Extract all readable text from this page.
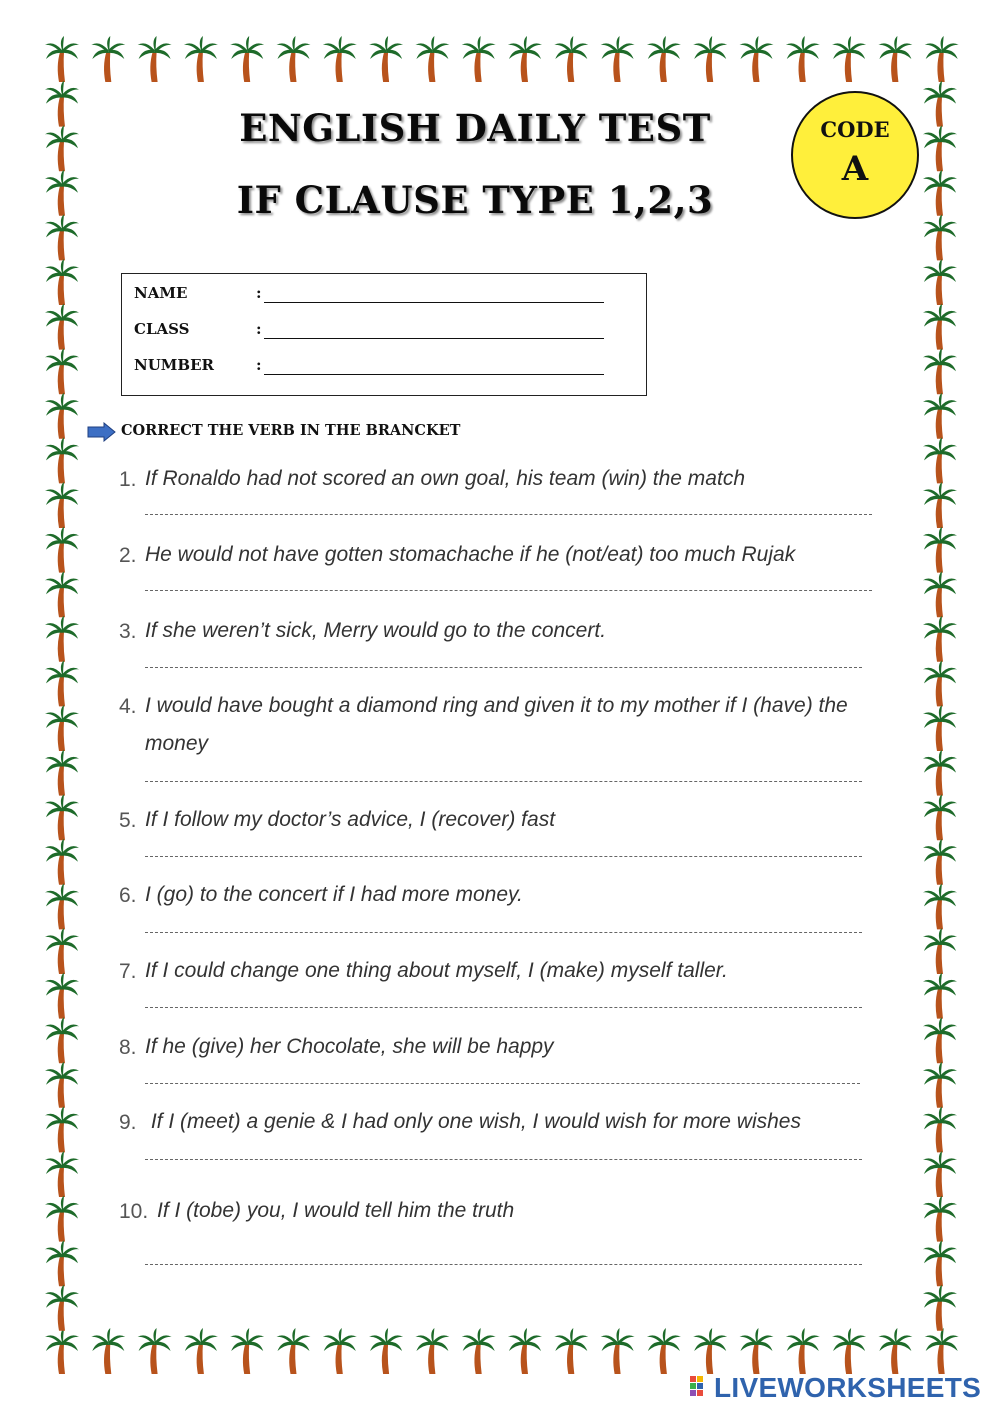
ENGLISH DAILY TEST
IF CLAUSE TYPE 1,2,3
CODE
A
NAME	:
CLASS	:
NUMBER	:
CORRECT THE VERB IN THE BRANCKET
1. If Ronaldo had not scored an own goal, his team (win) the match
2. He would not have gotten stomachache if he (not/eat) too much Rujak
3. If she weren’t sick, Merry would go to the concert.
4. I would have bought a diamond ring and given it to my mother if I (have) the money
5. If I follow my doctor’s advice, I (recover) fast
6. I (go) to the concert if I had more money.
7. If I could change one thing about myself, I (make) myself taller.
8. If he (give) her Chocolate, she will be happy
9. If I (meet) a genie & I had only one wish, I would wish for more wishes
10. If I (tobe) you, I would tell him the truth
LIVEWORKSHEETS
